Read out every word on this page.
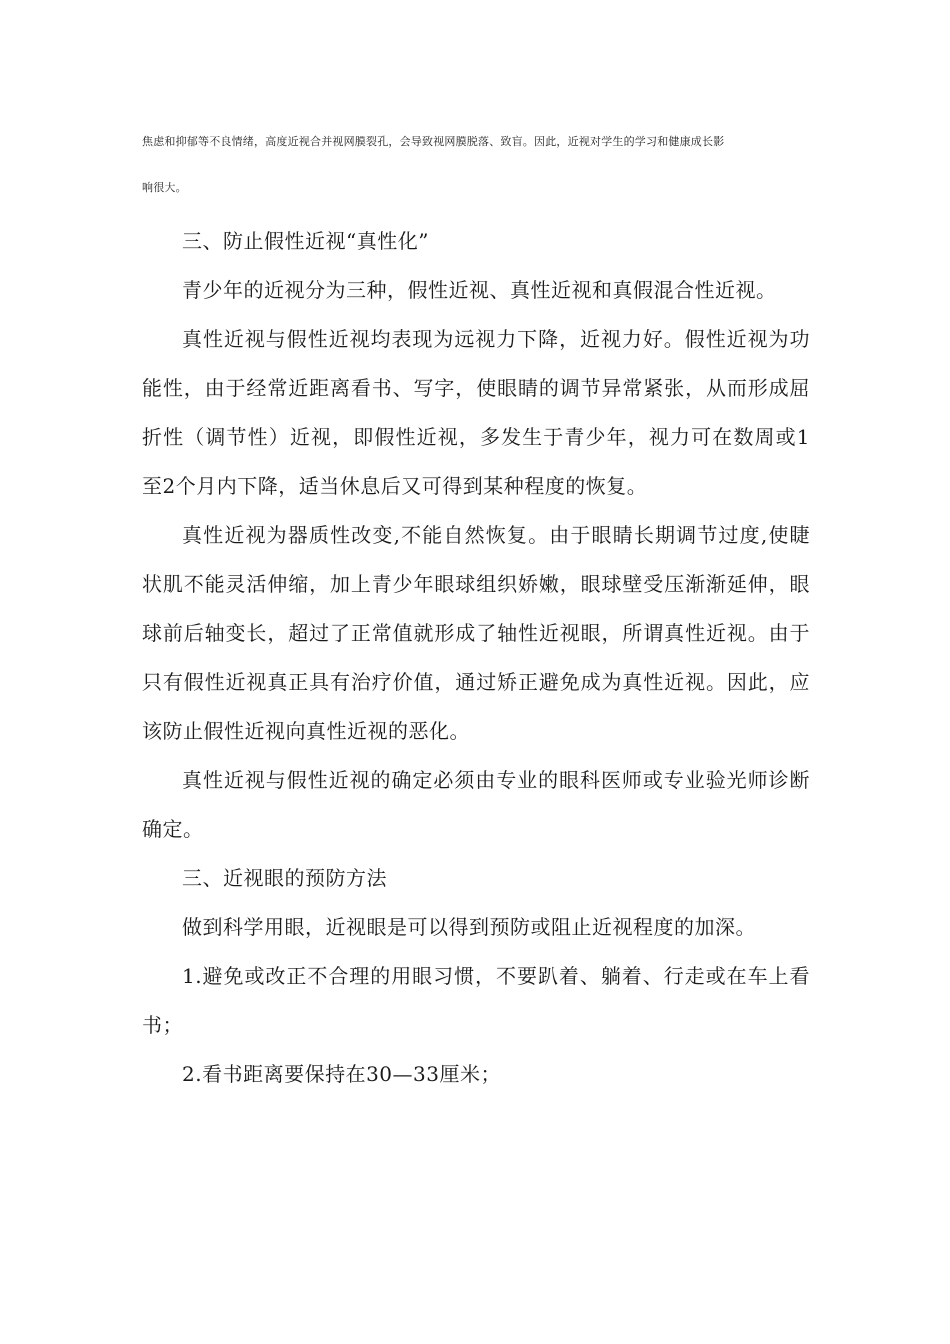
焦虑和抑郁等不良情绪，高度近视合并视网膜裂孔，会导致视网膜脱落、致盲。因此，近视对学生的学习和健康成长影

响很大。

三、防止假性近视“真性化”

青少年的近视分为三种，假性近视、真性近视和真假混合性近视。

真性近视与假性近视均表现为远视力下降，近视力好。假性近视为功能性，由于经常近距离看书、写字，使眼睛的调节异常紧张，从而形成屈折性（调节性）近视，即假性近视，多发生于青少年，视力可在数周或1至2个月内下降，适当休息后又可得到某种程度的恢复。

真性近视为器质性改变,不能自然恢复。由于眼睛长期调节过度,使睫状肌不能灵活伸缩，加上青少年眼球组织娇嫩，眼球壁受压渐渐延伸，眼球前后轴变长，超过了正常值就形成了轴性近视眼，所谓真性近视。由于只有假性近视真正具有治疗价值，通过矫正避免成为真性近视。因此，应该防止假性近视向真性近视的恶化。

真性近视与假性近视的确定必须由专业的眼科医师或专业验光师诊断确定。

三、近视眼的预防方法

做到科学用眼，近视眼是可以得到预防或阻止近视程度的加深。

1.避免或改正不合理的用眼习惯，不要趴着、躺着、行走或在车上看书；

2.看书距离要保持在30—33厘米；
